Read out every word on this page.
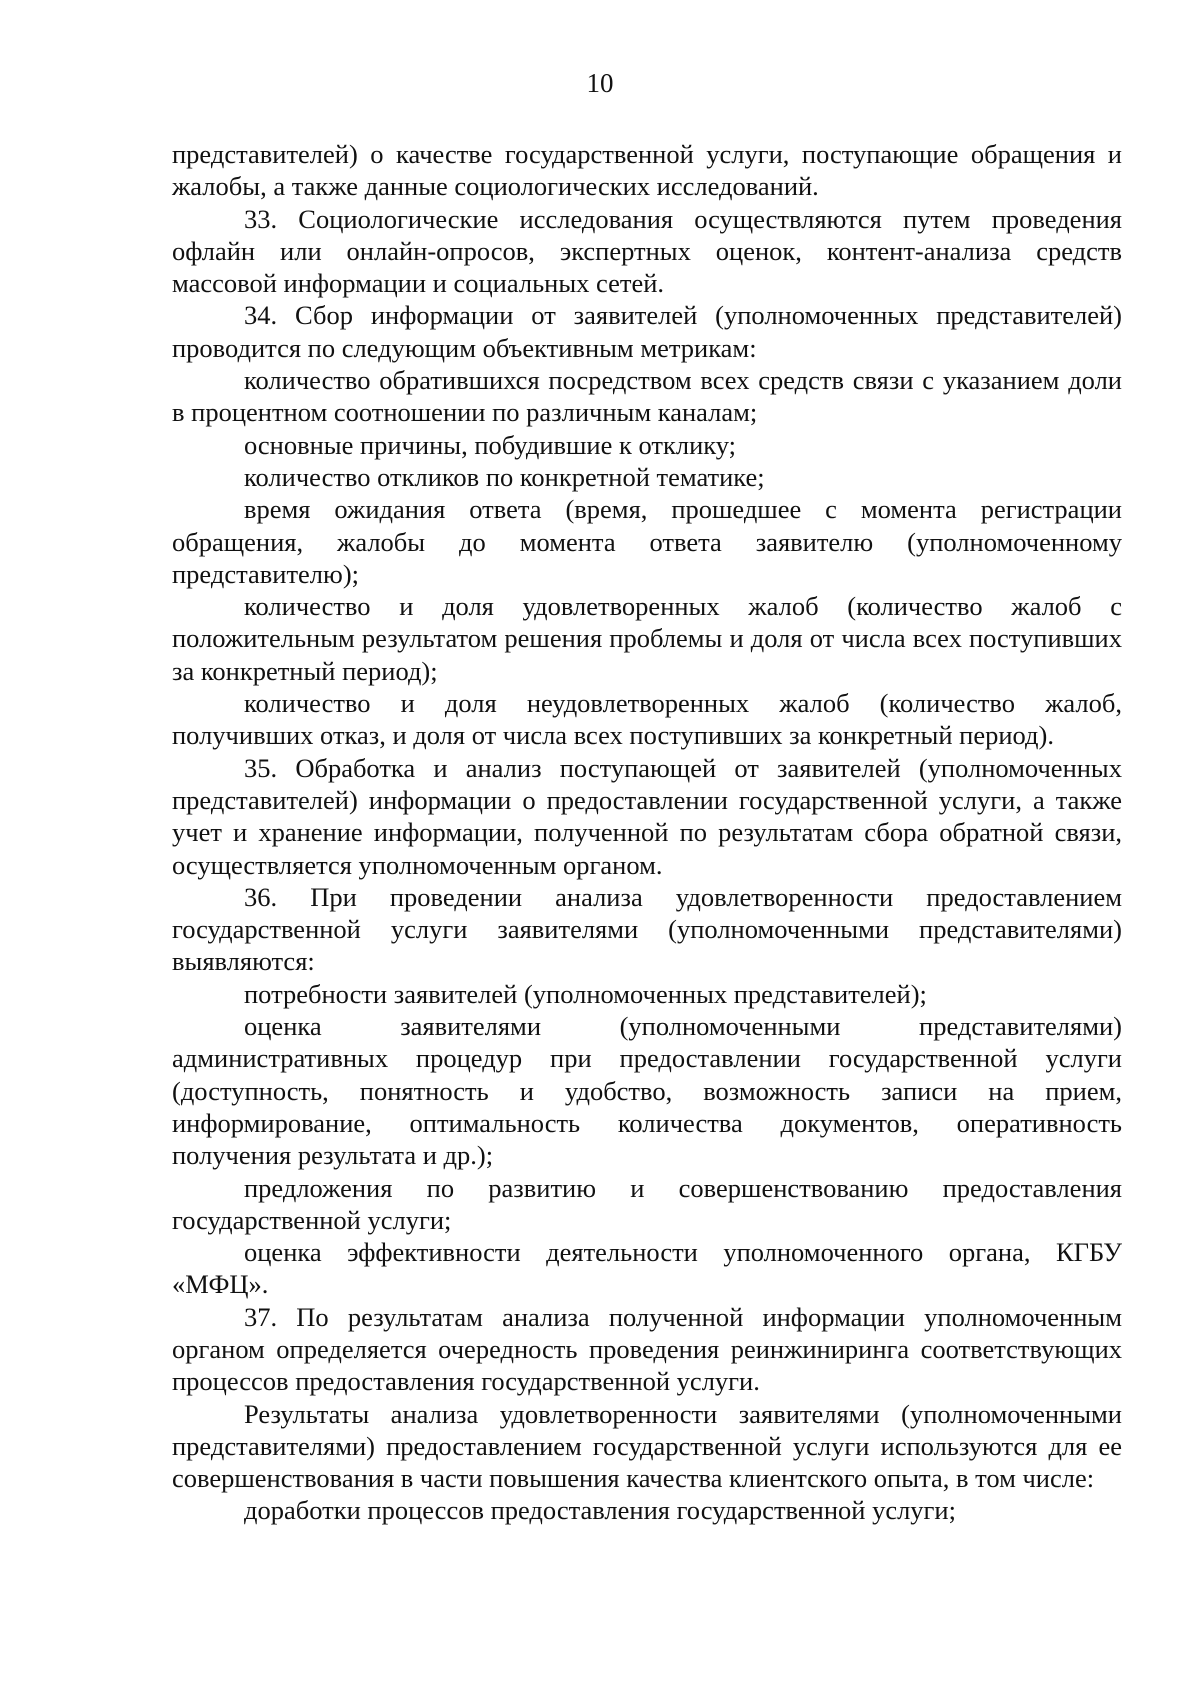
10

представителей) о качестве государственной услуги, поступающие обращения и жалобы, а также данные социологических исследований.

33. Социологические исследования осуществляются путем проведения офлайн или онлайн-опросов, экспертных оценок, контент-анализа средств массовой информации и социальных сетей.

34. Сбор информации от заявителей (уполномоченных представителей) проводится по следующим объективным метрикам:

количество обратившихся посредством всех средств связи с указанием доли в процентном соотношении по различным каналам;

основные причины, побудившие к отклику;

количество откликов по конкретной тематике;

время ожидания ответа (время, прошедшее с момента регистрации обращения, жалобы до момента ответа заявителю (уполномоченному представителю);

количество и доля удовлетворенных жалоб (количество жалоб с положительным результатом решения проблемы и доля от числа всех поступивших за конкретный период);

количество и доля неудовлетворенных жалоб (количество жалоб, получивших отказ, и доля от числа всех поступивших за конкретный период).

35. Обработка и анализ поступающей от заявителей (уполномоченных представителей) информации о предоставлении государственной услуги, а также учет и хранение информации, полученной по результатам сбора обратной связи, осуществляется уполномоченным органом.

36. При проведении анализа удовлетворенности предоставлением государственной услуги заявителями (уполномоченными представителями) выявляются:

потребности заявителей (уполномоченных представителей);

оценка заявителями (уполномоченными представителями) административных процедур при предоставлении государственной услуги (доступность, понятность и удобство, возможность записи на прием, информирование, оптимальность количества документов, оперативность получения результата и др.);

предложения по развитию и совершенствованию предоставления государственной услуги;

оценка эффективности деятельности уполномоченного органа, КГБУ «МФЦ».

37. По результатам анализа полученной информации уполномоченным органом определяется очередность проведения реинжиниринга соответствующих процессов предоставления государственной услуги.

Результаты анализа удовлетворенности заявителями (уполномоченными представителями) предоставлением государственной услуги используются для ее совершенствования в части повышения качества клиентского опыта, в том числе:

доработки процессов предоставления государственной услуги;
